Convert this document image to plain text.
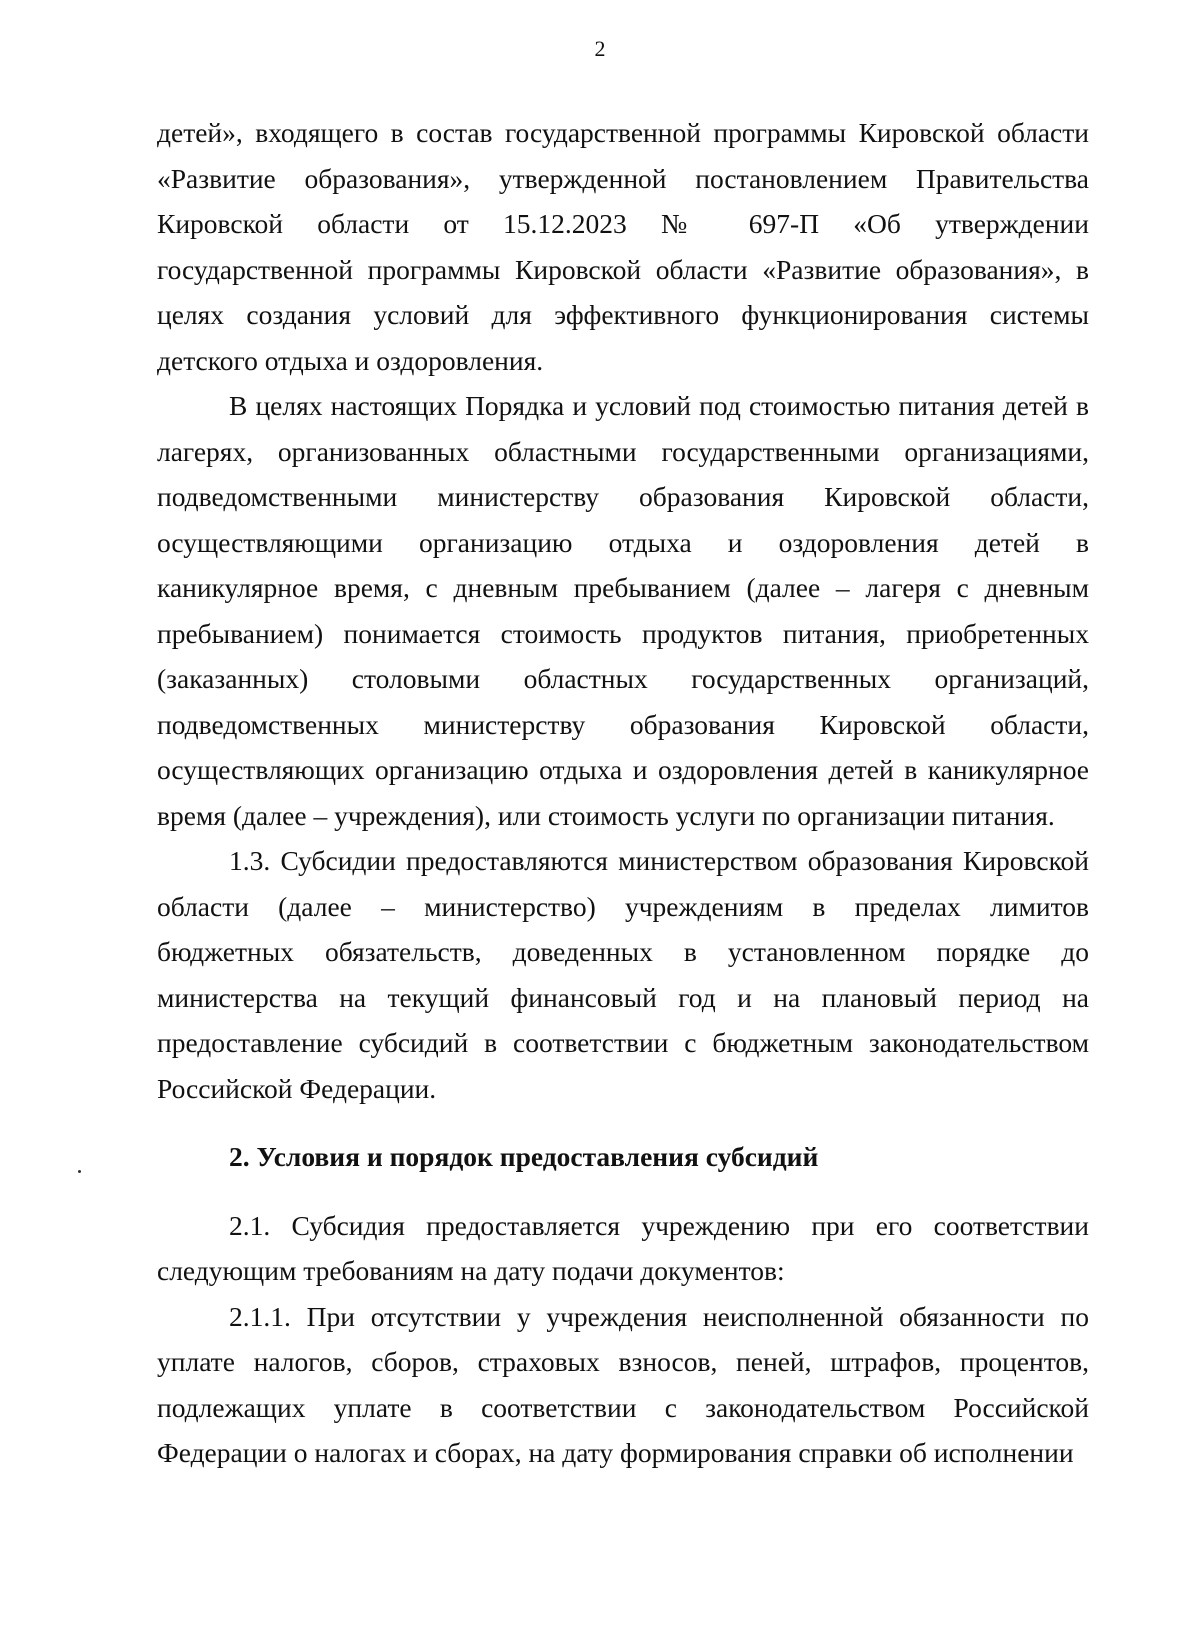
2
детей», входящего в состав государственной программы Кировской области
«Развитие образования», утвержденной постановлением Правительства
Кировской области от 15.12.2023 № 697-П «Об утверждении
государственной программы Кировской области «Развитие образования», в
целях создания условий для эффективного функционирования системы
детского отдыха и оздоровления.
В целях настоящих Порядка и условий под стоимостью питания детей в
лагерях, организованных областными государственными организациями,
подведомственными министерству образования Кировской области,
осуществляющими организацию отдыха и оздоровления детей в
каникулярное время, с дневным пребыванием (далее – лагеря с дневным
пребыванием) понимается стоимость продуктов питания, приобретенных
(заказанных) столовыми областных государственных организаций,
подведомственных министерству образования Кировской области,
осуществляющих организацию отдыха и оздоровления детей в каникулярное
время (далее – учреждения), или стоимость услуги по организации питания.
1.3. Субсидии предоставляются министерством образования Кировской
области (далее – министерство) учреждениям в пределах лимитов
бюджетных обязательств, доведенных в установленном порядке до
министерства на текущий финансовый год и на плановый период на
предоставление субсидий в соответствии с бюджетным законодательством
Российской Федерации.
2. Условия и порядок предоставления субсидий
2.1. Субсидия предоставляется учреждению при его соответствии
следующим требованиям на дату подачи документов:
2.1.1. При отсутствии у учреждения неисполненной обязанности по
уплате налогов, сборов, страховых взносов, пеней, штрафов, процентов,
подлежащих уплате в соответствии с законодательством Российской
Федерации о налогах и сборах, на дату формирования справки об исполнении
